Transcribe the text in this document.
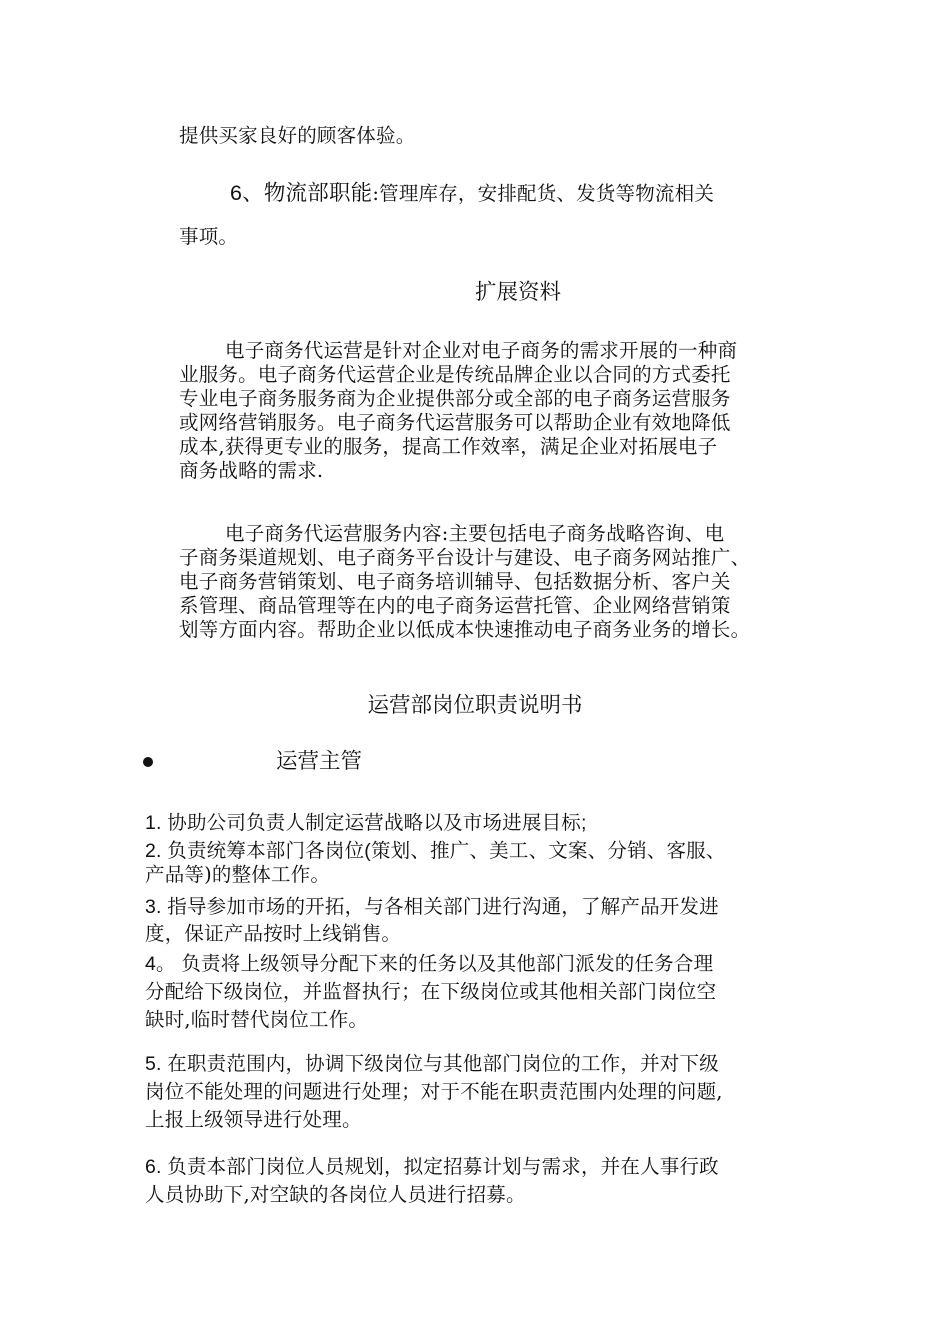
提供买家良好的顾客体验。
6、物流部职能:管理库存，安排配货、发货等物流相关
事项。
扩展资料
电子商务代运营是针对企业对电子商务的需求开展的一种商
业服务。电子商务代运营企业是传统品牌企业以合同的方式委托
专业电子商务服务商为企业提供部分或全部的电子商务运营服务
或网络营销服务。电子商务代运营服务可以帮助企业有效地降低
成本,获得更专业的服务，提高工作效率，满足企业对拓展电子
商务战略的需求.
电子商务代运营服务内容:主要包括电子商务战略咨询、电
子商务渠道规划、电子商务平台设计与建设、电子商务网站推广、
电子商务营销策划、电子商务培训辅导、包括数据分析、客户关
系管理、商品管理等在内的电子商务运营托管、企业网络营销策
划等方面内容。帮助企业以低成本快速推动电子商务业务的增长。
运营部岗位职责说明书
运营主管
1. 协助公司负责人制定运营战略以及市场进展目标;
2. 负责统筹本部门各岗位(策划、推广、美工、文案、分销、客服、
产品等)的整体工作。
3. 指导参加市场的开拓，与各相关部门进行沟通，了解产品开发进
度，保证产品按时上线销售。
4。 负责将上级领导分配下来的任务以及其他部门派发的任务合理
分配给下级岗位，并监督执行；在下级岗位或其他相关部门岗位空
缺时,临时替代岗位工作。
5. 在职责范围内，协调下级岗位与其他部门岗位的工作，并对下级
岗位不能处理的问题进行处理；对于不能在职责范围内处理的问题,
上报上级领导进行处理。
6. 负责本部门岗位人员规划，拟定招募计划与需求，并在人事行政
人员协助下,对空缺的各岗位人员进行招募。
